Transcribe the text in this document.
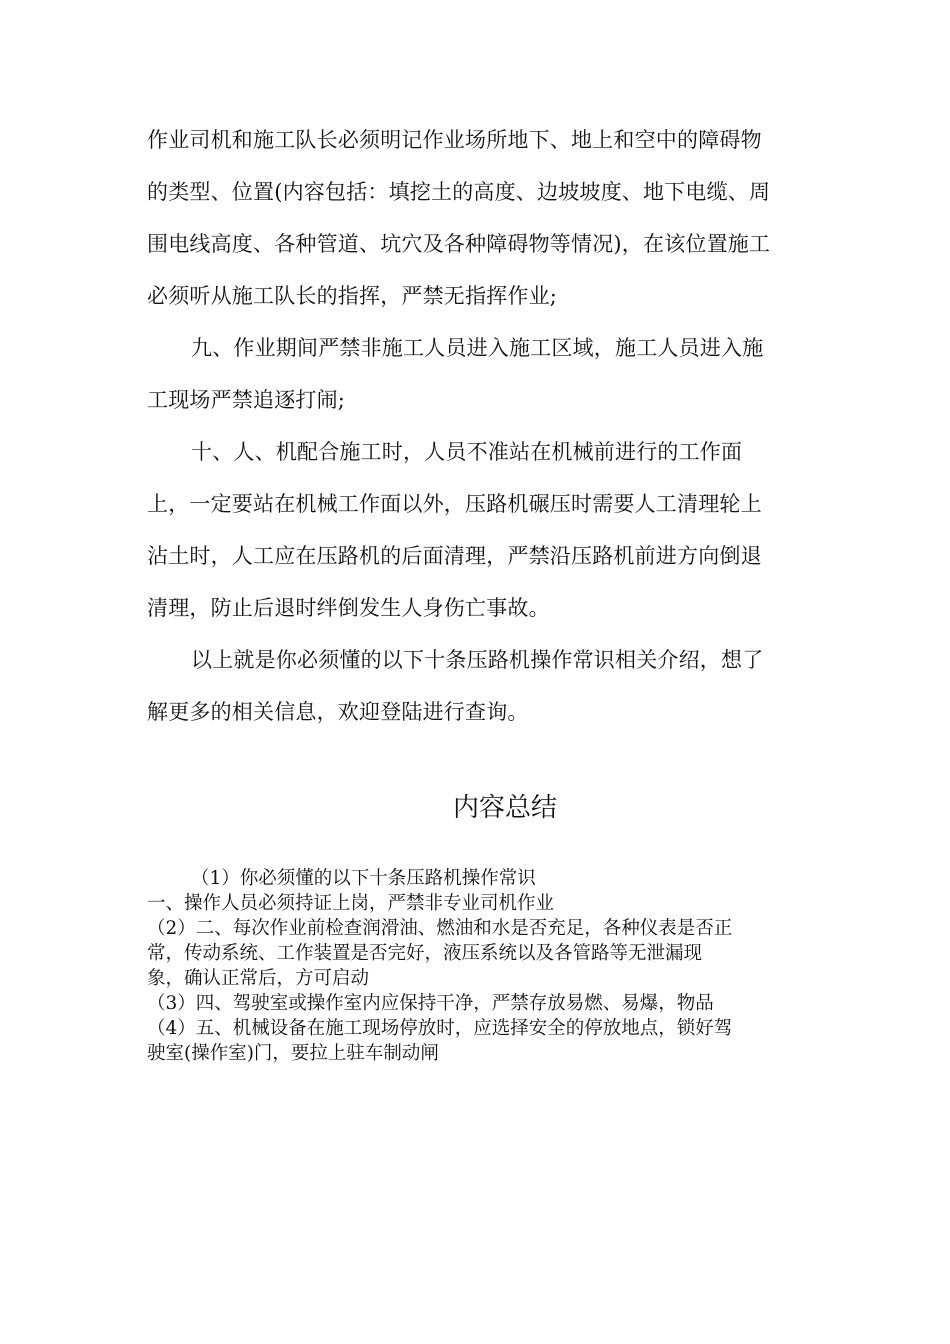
作业司机和施工队长必须明记作业场所地下、地上和空中的障碍物
的类型、位置(内容包括：填挖土的高度、边坡坡度、地下电缆、周
围电线高度、各种管道、坑穴及各种障碍物等情况)，在该位置施工
必须听从施工队长的指挥，严禁无指挥作业;
九、作业期间严禁非施工人员进入施工区域，施工人员进入施
工现场严禁追逐打闹;
十、人、机配合施工时，人员不准站在机械前进行的工作面
上，一定要站在机械工作面以外，压路机碾压时需要人工清理轮上
沾土时，人工应在压路机的后面清理，严禁沿压路机前进方向倒退
清理，防止后退时绊倒发生人身伤亡事故。
以上就是你必须懂的以下十条压路机操作常识相关介绍，想了
解更多的相关信息，欢迎登陆进行查询。
内容总结
（1）你必须懂的以下十条压路机操作常识
一、操作人员必须持证上岗，严禁非专业司机作业
（2）二、每次作业前检查润滑油、燃油和水是否充足，各种仪表是否正
常，传动系统、工作装置是否完好，液压系统以及各管路等无泄漏现
象，确认正常后，方可启动
（3）四、驾驶室或操作室内应保持干净，严禁存放易燃、易爆，物品
（4）五、机械设备在施工现场停放时，应选择安全的停放地点，锁好驾
驶室(操作室)门，要拉上驻车制动闸
